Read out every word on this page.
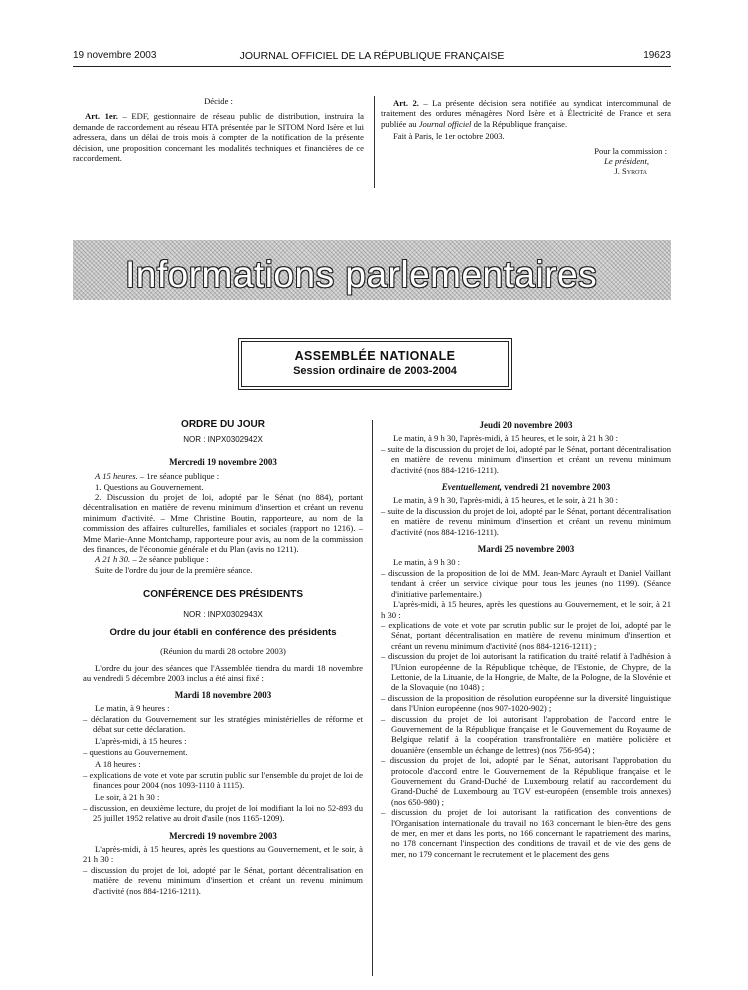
19 novembre 2003	JOURNAL OFFICIEL DE LA RÉPUBLIQUE FRANÇAISE	19623

Décide :

Art. 1er. – EDF, gestionnaire de réseau public de distribution, instruira la demande de raccordement au réseau HTA présentée par le SITOM Nord Isère et lui adressera, dans un délai de trois mois à compter de la notification de la présente décision, une proposition concernant les modalités techniques et financières de ce raccordement.

Art. 2. – La présente décision sera notifiée au syndicat intercommunal de traitement des ordures ménagères Nord Isère et à Électricité de France et sera publiée au Journal officiel de la République française.

Fait à Paris, le 1er octobre 2003.

Pour la commission :

Le président,

J. Syrota

Informations parlementaires
ASSEMBLÉE NATIONALE
Session ordinaire de 2003-2004

ORDRE DU JOUR

NOR : INPX0302942X

Mercredi 19 novembre 2003

A 15 heures. – 1re séance publique :

1. Questions au Gouvernement.

2. Discussion du projet de loi, adopté par le Sénat (no 884), portant décentralisation en matière de revenu minimum d'insertion et créant un revenu minimum d'activité. – Mme Christine Boutin, rapporteure, au nom de la commission des affaires culturelles, familiales et sociales (rapport no 1216). – Mme Marie-Anne Montchamp, rapporteure pour avis, au nom de la commission des finances, de l'économie générale et du Plan (avis no 1211).

A 21 h 30. – 2e séance publique :

Suite de l'ordre du jour de la première séance.

CONFÉRENCE DES PRÉSIDENTS

NOR : INPX0302943X

Ordre du jour établi en conférence des présidents

(Réunion du mardi 28 octobre 2003)

L'ordre du jour des séances que l'Assemblée tiendra du mardi 18 novembre au vendredi 5 décembre 2003 inclus a été ainsi fixé :

Mardi 18 novembre 2003

Le matin, à 9 heures :

– déclaration du Gouvernement sur les stratégies ministérielles de réforme et débat sur cette déclaration.

L'après-midi, à 15 heures :

– questions au Gouvernement.

A 18 heures :

– explications de vote et vote par scrutin public sur l'ensemble du projet de loi de finances pour 2004 (nos 1093-1110 à 1115).

Le soir, à 21 h 30 :

– discussion, en deuxième lecture, du projet de loi modifiant la loi no 52-893 du 25 juillet 1952 relative au droit d'asile (nos 1165-1209).

Mercredi 19 novembre 2003

L'après-midi, à 15 heures, après les questions au Gouvernement, et le soir, à 21 h 30 :

– discussion du projet de loi, adopté par le Sénat, portant décentralisation en matière de revenu minimum d'insertion et créant un revenu minimum d'activité (nos 884-1216-1211).

Jeudi 20 novembre 2003

Le matin, à 9 h 30, l'après-midi, à 15 heures, et le soir, à 21 h 30 :

– suite de la discussion du projet de loi, adopté par le Sénat, portant décentralisation en matière de revenu minimum d'insertion et créant un revenu minimum d'activité (nos 884-1216-1211).

Eventuellement, vendredi 21 novembre 2003

Le matin, à 9 h 30, l'après-midi, à 15 heures, et le soir, à 21 h 30 :

– suite de la discussion du projet de loi, adopté par le Sénat, portant décentralisation en matière de revenu minimum d'insertion et créant un revenu minimum d'activité (nos 884-1216-1211).

Mardi 25 novembre 2003

Le matin, à 9 h 30 :

– discussion de la proposition de loi de MM. Jean-Marc Ayrault et Daniel Vaillant tendant à créer un service civique pour tous les jeunes (no 1199). (Séance d'initiative parlementaire.)

L'après-midi, à 15 heures, après les questions au Gouvernement, et le soir, à 21 h 30 :

– explications de vote et vote par scrutin public sur le projet de loi, adopté par le Sénat, portant décentralisation en matière de revenu minimum d'insertion et créant un revenu minimum d'activité (nos 884-1216-1211) ;

– discussion du projet de loi autorisant la ratification du traité relatif à l'adhésion à l'Union européenne de la République tchèque, de l'Estonie, de Chypre, de la Lettonie, de la Lituanie, de la Hongrie, de Malte, de la Pologne, de la Slovénie et de la Slovaquie (no 1048) ;

– discussion de la proposition de résolution européenne sur la diversité linguistique dans l'Union européenne (nos 907-1020-902) ;

– discussion du projet de loi autorisant l'approbation de l'accord entre le Gouvernement de la République française et le Gouvernement du Royaume de Belgique relatif à la coopération transfrontalière en matière policière et douanière (ensemble un échange de lettres) (nos 756-954) ;

– discussion du projet de loi, adopté par le Sénat, autorisant l'approbation du protocole d'accord entre le Gouvernement de la République française et le Gouvernement du Grand-Duché de Luxembourg relatif au raccordement du Grand-Duché de Luxembourg au TGV est-européen (ensemble trois annexes) (nos 650-980) ;

– discussion du projet de loi autorisant la ratification des conventions de l'Organisation internationale du travail no 163 concernant le bien-être des gens de mer, en mer et dans les ports, no 166 concernant le rapatriement des marins, no 178 concernant l'inspection des conditions de travail et de vie des gens de mer, no 179 concernant le recrutement et le placement des gens
